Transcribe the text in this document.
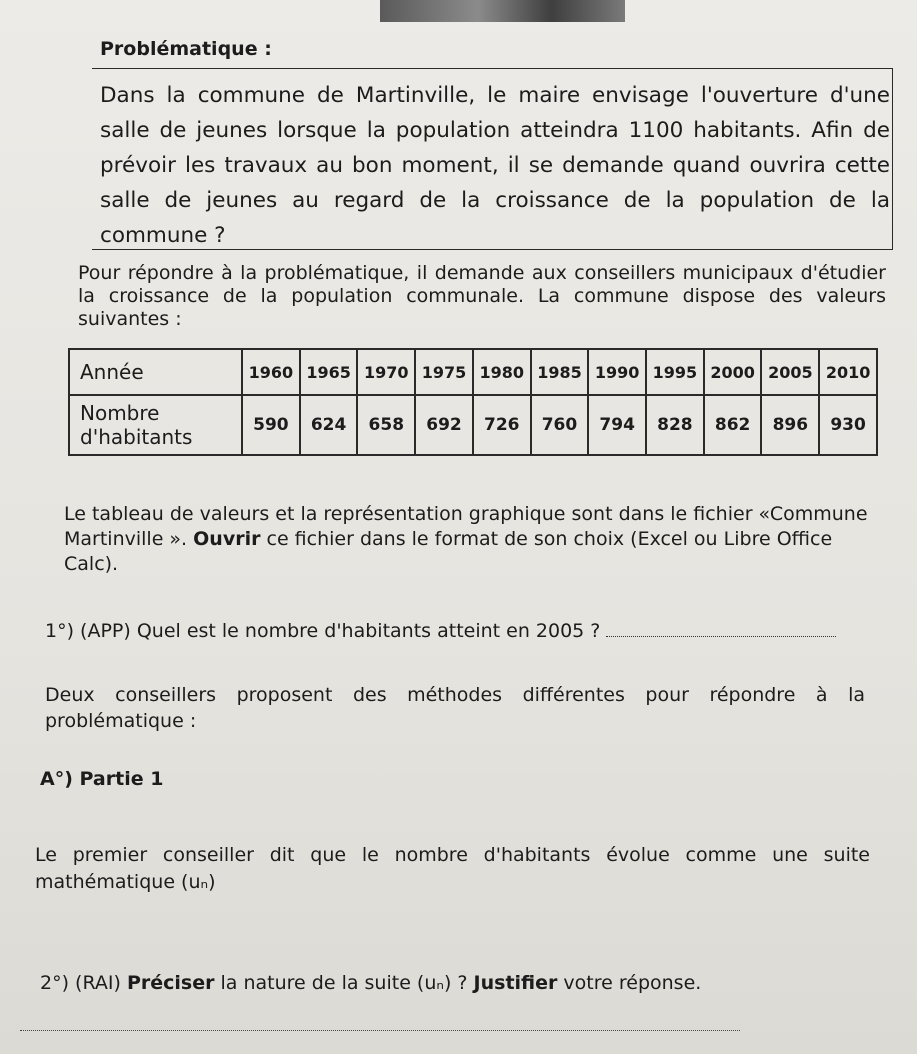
Problématique :
Dans la commune de Martinville, le maire envisage l'ouverture d'une salle de jeunes lorsque la population atteindra 1100 habitants. Afin de prévoir les travaux au bon moment, il se demande quand ouvrira cette salle de jeunes au regard de la croissance de la population de la commune ?
Pour répondre à la problématique, il demande aux conseillers municipaux d'étudier la croissance de la population communale. La commune dispose des valeurs suivantes :
Année	1960	1965	1970	1975	1980	1985	1990	1995	2000	2005	2010
Nombre d'habitants	590	624	658	692	726	760	794	828	862	896	930
Le tableau de valeurs et la représentation graphique sont dans le fichier «Commune Martinville ». Ouvrir ce fichier dans le format de son choix (Excel ou Libre Office Calc).
1°) (APP) Quel est le nombre d'habitants atteint en 2005 ?
Deux conseillers proposent des méthodes différentes pour répondre à la problématique :
A°) Partie 1
Le premier conseiller dit que le nombre d'habitants évolue comme une suite mathématique (uₙ)
2°) (RAI) Préciser la nature de la suite (uₙ) ? Justifier votre réponse.
